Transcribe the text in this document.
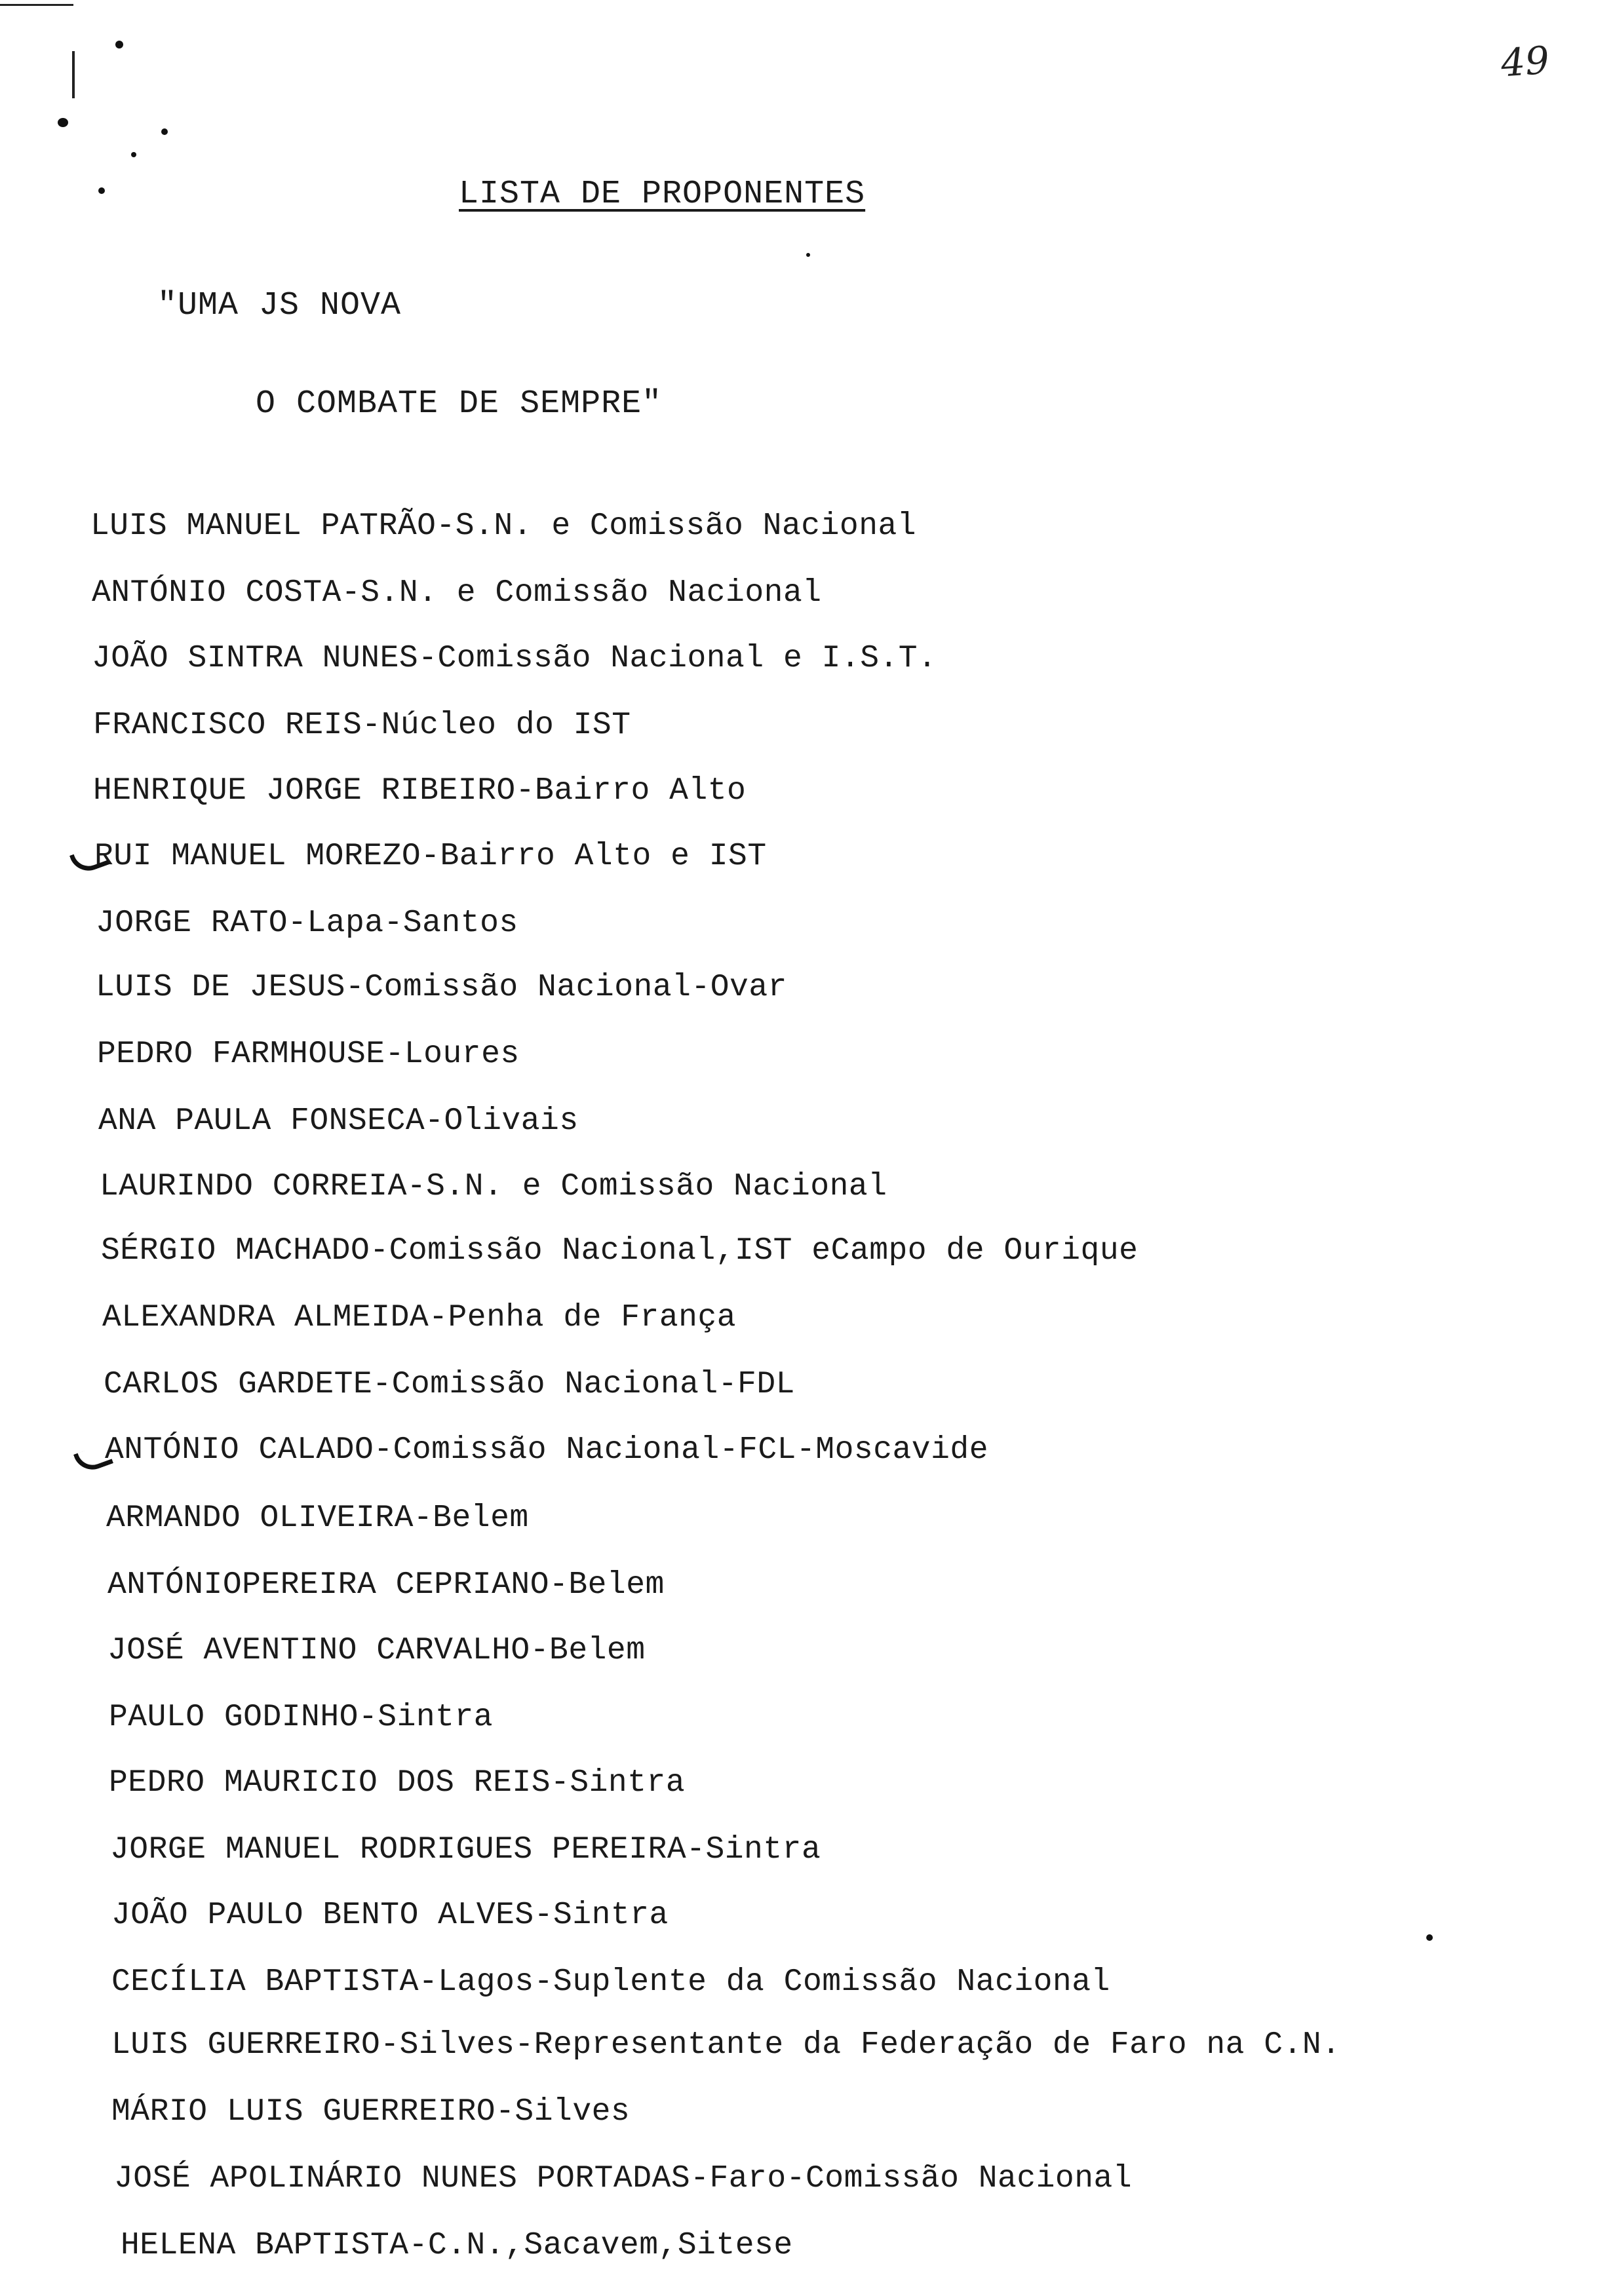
49
LISTA DE PROPONENTES
"UMA JS NOVA
O COMBATE DE SEMPRE"
LUIS MANUEL PATRÃO-S.N. e Comissão Nacional
ANTÓNIO COSTA-S.N. e Comissão Nacional
JOÃO SINTRA NUNES-Comissão Nacional e I.S.T.
FRANCISCO REIS-Núcleo do IST
HENRIQUE JORGE RIBEIRO-Bairro Alto
RUI MANUEL MOREZO-Bairro Alto e IST
JORGE RATO-Lapa-Santos
LUIS DE JESUS-Comissão Nacional-Ovar
PEDRO FARMHOUSE-Loures
ANA PAULA FONSECA-Olivais
LAURINDO CORREIA-S.N. e Comissão Nacional
SÉRGIO MACHADO-Comissão Nacional,IST eCampo de Ourique
ALEXANDRA ALMEIDA-Penha de França
CARLOS GARDETE-Comissão Nacional-FDL
ANTÓNIO CALADO-Comissão Nacional-FCL-Moscavide
ARMANDO OLIVEIRA-Belem
ANTÓNIOPEREIRA CEPRIANO-Belem
JOSÉ AVENTINO CARVALHO-Belem
PAULO GODINHO-Sintra
PEDRO MAURICIO DOS REIS-Sintra
JORGE MANUEL RODRIGUES PEREIRA-Sintra
JOÃO PAULO BENTO ALVES-Sintra
CECÍLIA BAPTISTA-Lagos-Suplente da Comissão Nacional
LUIS GUERREIRO-Silves-Representante da Federação de Faro na C.N.
MÁRIO LUIS GUERREIRO-Silves
JOSÉ APOLINÁRIO NUNES PORTADAS-Faro-Comissão Nacional
HELENA BAPTISTA-C.N.,Sacavem,Sitese
